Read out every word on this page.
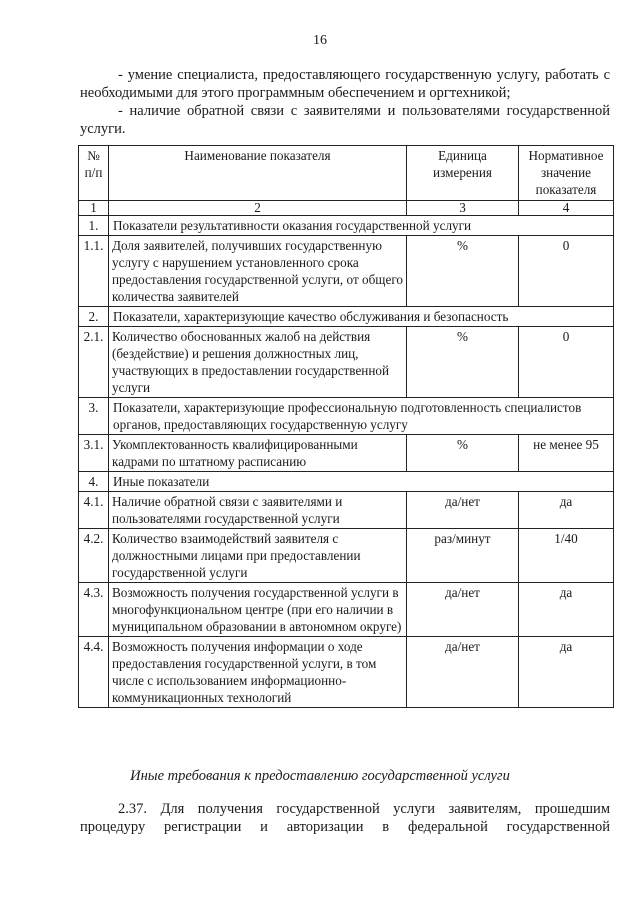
16

- умение специалиста, предоставляющего государственную услугу, работать с необходимыми для этого программным обеспечением и оргтехникой;

- наличие обратной связи с заявителями и пользователями государственной услуги.

№ п/п	Наименование показателя	Единица измерения	Нормативное значение показателя
1	2	3	4
1.	Показатели результативности оказания государственной услуги		
1.1.	Доля заявителей, получивших государственную услугу с нарушением установленного срока предоставления государственной услуги, от общего количества заявителей	%	0
2.	Показатели, характеризующие качество обслуживания и безопасность		
2.1.	Количество обоснованных жалоб на действия (бездействие) и решения должностных лиц, участвующих в предоставлении государственной услуги	%	0
3.	Показатели, характеризующие профессиональную подготовленность специалистов органов, предоставляющих государственную услугу		
3.1.	Укомплектованность квалифицированными кадрами по штатному расписанию	%	не менее 95
4.	Иные показатели		
4.1.	Наличие обратной связи с заявителями и пользователями государственной услуги	да/нет	да
4.2.	Количество взаимодействий заявителя с должностными лицами при предоставлении государственной услуги	раз/минут	1/40
4.3.	Возможность получения государственной услуги в многофункциональном центре (при его наличии в муниципальном образовании в автономном округе)	да/нет	да
4.4.	Возможность получения информации о ходе предоставления государственной услуги, в том числе с использованием информационно-коммуникационных технологий	да/нет	да
Иные требования к предоставлению государственной услуги
2.37. Для получения государственной услуги заявителям, прошедшим процедуру регистрации и авторизации в федеральной государственной
